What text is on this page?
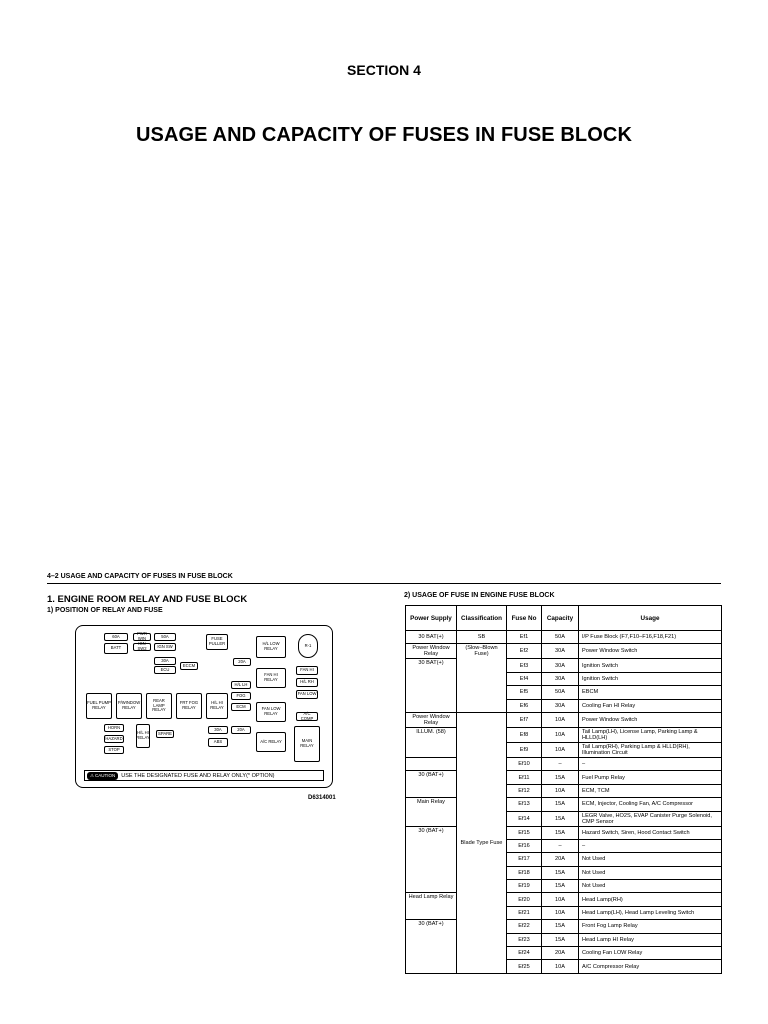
SECTION 4
USAGE AND CAPACITY OF FUSES IN FUSE BLOCK
4–2 USAGE AND CAPACITY OF FUSES IN FUSE BLOCK
1. ENGINE ROOM RELAY AND FUSE BLOCK
1) POSITION OF RELAY AND FUSE
2) USAGE OF FUSE IN ENGINE FUSE BLOCK
60A
BATT
PWR WIN
IGN SW2
50A
IGN SW
30A
ECU
ECCM
FUSE PULLER
20A
H/L LOW RELAY
R-1
FAN HI RELAY
FAN HI
H/L RH
FAN LOW RELAY
FAN LOW
A/C COMP
H/L LH
FOG
ECM
FUEL PUMP RELAY
P/WINDOW RELAY
REAR LAMP RELAY
FRT FOG RELAY
H/L HI RELAY
HORN
HAZARD
STOP
SPARE
30A
ABS
20A
A/C RELAY	MAIN RELAY
H/L HI RELAY
⚠ CAUTION USE THE DESIGNATED FUSE AND RELAY ONLY(* OPTION)
D6314001
Power Supply	Classification	Fuse No	Capacity	Usage
30 BAT(+)	SB	Ef1	50A	I/P Fuse Block (F7,F10–F16,F18,F21)
Power Window Relay	(Slow–Blown Fuse)	Ef2	30A	Power Window Switch
30 BAT(+)		Ef3	30A	Ignition Switch
		Ef4	30A	Ignition Switch
		Ef5	50A	EBCM
		Ef6	30A	Cooling Fan HI Relay
Power Window Relay	Blade Type Fuse	Ef7	10A	Power Window Switch
ILLUM. (58)		Ef8	10A	Tail Lamp(LH), License Lamp, Parking Lamp & HLLD(LH)
		Ef9	10A	Tail Lamp(RH), Parking Lamp & HLLD(RH), Illumination Circuit
		Ef10	–	–
30 (BAT+)		Ef11	15A	Fuel Pump Relay
		Ef12	10A	ECM, TCM
Main Relay		Ef13	15A	ECM, Injector, Cooling Fan, A/C Compressor
		Ef14	15A	LEGR Valve, HO2S, EVAP Canister Purge Solenoid, CMP Sensor
30 (BAT+)		Ef15	15A	Hazard Switch, Siren, Hood Contact Switch
		Ef16	–	–
		Ef17	20A	Not Used
		Ef18	15A	Not Used
		Ef19	15A	Not Used
Head Lamp Relay		Ef20	10A	Head Lamp(RH)
		Ef21	10A	Head Lamp(LH), Head Lamp Leveling Switch
30 (BAT+)		Ef22	15A	Front Fog Lamp Relay
		Ef23	15A	Head Lamp HI Relay
		Ef24	20A	Cooling Fan LOW Relay
		Ef25	10A	A/C Compressor Relay
